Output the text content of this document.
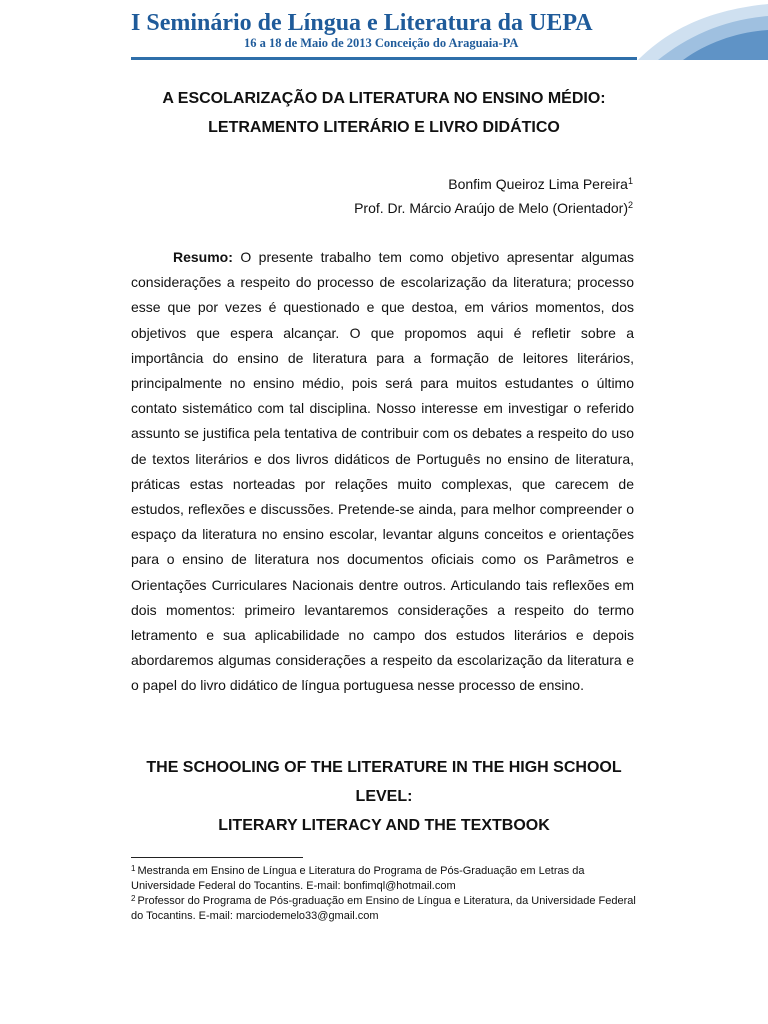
I Seminário de Língua e Literatura da UEPA
16 a 18 de Maio de 2013 Conceição do Araguaia-PA
A ESCOLARIZAÇÃO DA LITERATURA NO ENSINO MÉDIO:
LETRAMENTO LITERÁRIO E LIVRO DIDÁTICO
Bonfim Queiroz Lima Pereira$^1$
Prof. Dr. Márcio Araújo de Melo (Orientador)$^2$

Resumo: O presente trabalho tem como objetivo apresentar algumas considerações a respeito do processo de escolarização da literatura; processo esse que por vezes é questionado e que destoa, em vários momentos, dos objetivos que espera alcançar. O que propomos aqui é refletir sobre a importância do ensino de literatura para a formação de leitores literários, principalmente no ensino médio, pois será para muitos estudantes o último contato sistemático com tal disciplina. Nosso interesse em investigar o referido assunto se justifica pela tentativa de contribuir com os debates a respeito do uso de textos literários e dos livros didáticos de Português no ensino de literatura, práticas estas norteadas por relações muito complexas, que carecem de estudos, reflexões e discussões. Pretende-se ainda, para melhor compreender o espaço da literatura no ensino escolar, levantar alguns conceitos e orientações para o ensino de literatura nos documentos oficiais como os Parâmetros e Orientações Curriculares Nacionais dentre outros. Articulando tais reflexões em dois momentos: primeiro levantaremos considerações a respeito do termo letramento e sua aplicabilidade no campo dos estudos literários e depois abordaremos algumas considerações a respeito da escolarização da literatura e o papel do livro didático de língua portuguesa nesse processo de ensino.

THE SCHOOLING OF THE LITERATURE IN THE HIGH SCHOOL
LEVEL:
LITERARY LITERACY AND THE TEXTBOOK

$^1$ Mestranda em Ensino de Língua e Literatura do Programa de Pós-Graduação em Letras da Universidade Federal do Tocantins. E-mail: bonfimql@hotmail.com

$^2$ Professor do Programa de Pós-graduação em Ensino de Língua e Literatura, da Universidade Federal do Tocantins. E-mail: marciodemelo33@gmail.com
